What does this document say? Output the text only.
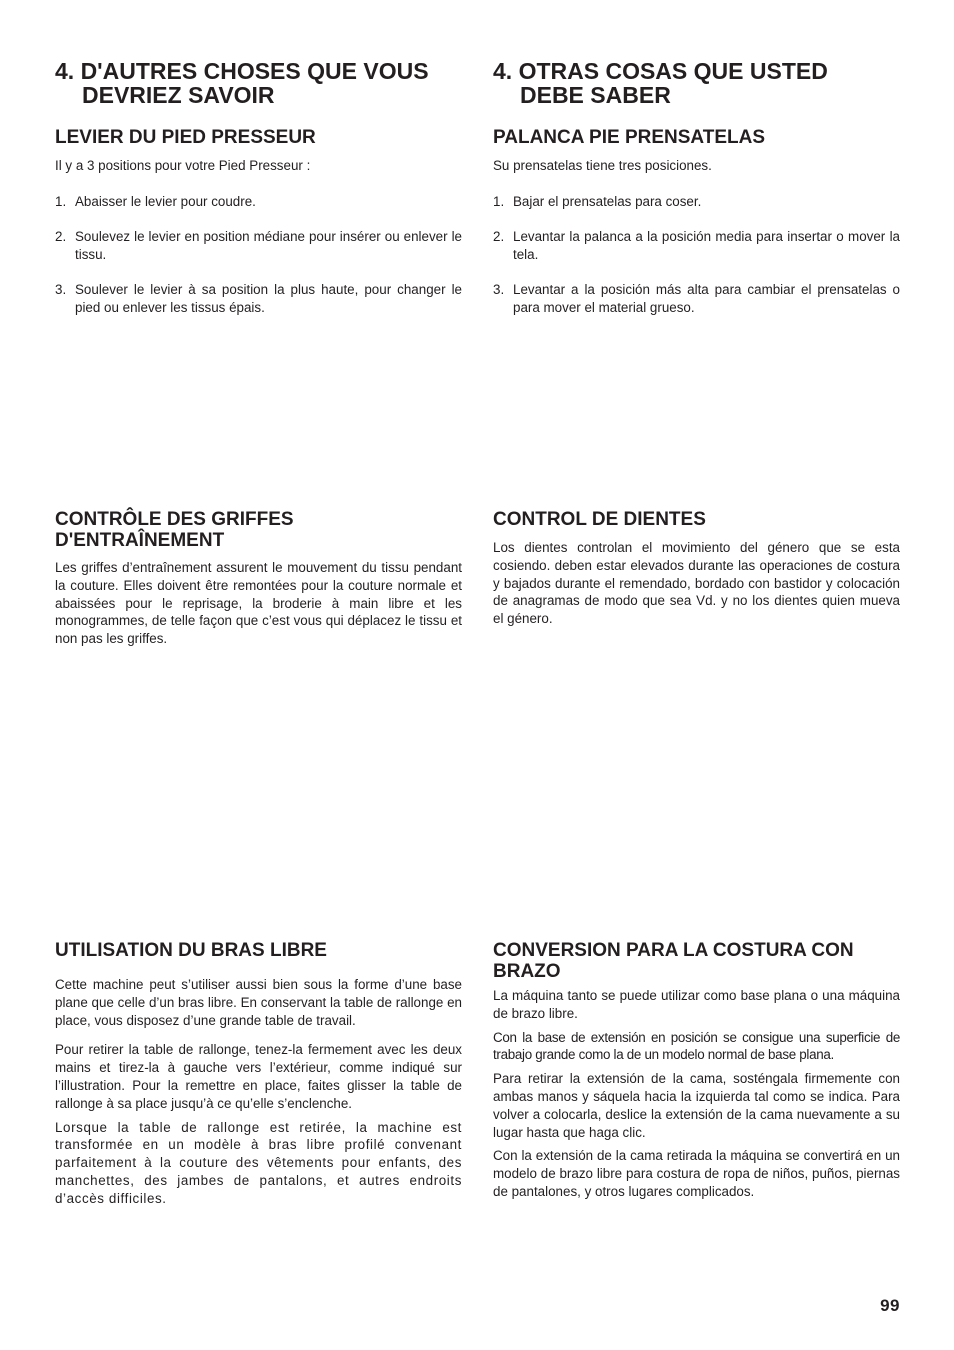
4. D'AUTRES CHOSES QUE VOUS
DEVRIEZ SAVOIR
LEVIER DU PIED PRESSEUR

Il y a 3 positions pour votre Pied Presseur :

1. Abaisser le levier pour coudre.
2. Soulevez le levier en position médiane pour insérer ou enlever le tissu.
3. Soulever le levier à sa position la plus haute, pour changer le pied ou enlever les tissus épais.
CONTRÔLE DES GRIFFES
D'ENTRAÎNEMENT

Les griffes d’entraînement assurent le mouvement du tissu pendant la couture. Elles doivent être remontées pour la couture normale et abaissées pour le reprisage, la broderie à main libre et les monogrammes, de telle façon que c’est vous qui déplacez le tissu et non pas les griffes.

UTILISATION DU BRAS LIBRE

Cette machine peut s’utiliser aussi bien sous la forme d’une base plane que celle d’un bras libre. En conservant la table de rallonge en place, vous disposez d’une grande table de travail.

Pour retirer la table de rallonge, tenez-la fermement avec les deux mains et tirez-la à gauche vers l’extérieur, comme indiqué sur l’illustration. Pour la remettre en place, faites glisser la table de rallonge à sa place jusqu’à ce qu’elle s’enclenche.

Lorsque la table de rallonge est retirée, la machine est transformée en un modèle à bras libre profilé convenant parfaitement à la couture des vêtements pour enfants, des manchettes, des jambes de pantalons, et autres endroits d’accès difficiles.

4. OTRAS COSAS QUE USTED
DEBE SABER
PALANCA PIE PRENSATELAS

Su prensatelas tiene tres posiciones.

1. Bajar el prensatelas para coser.
2. Levantar la palanca a la posición media para insertar o mover la tela.
3. Levantar a la posición más alta para cambiar el prensatelas o para mover el material grueso.
CONTROL DE DIENTES

Los dientes controlan el movimiento del género que se esta cosiendo. deben estar elevados durante las operaciones de costura y bajados durante el remendado, bordado con bastidor y colocación de anagramas de modo que sea Vd. y no los dientes quien mueva el género.

CONVERSION PARA LA COSTURA CON
BRAZO

La máquina tanto se puede utilizar como base plana o una máquina de brazo libre.

Con la base de extensión en posición se consigue una superficie de trabajo grande como la de un modelo normal de base plana.

Para retirar la extensión de la cama, sosténgala firmemente con ambas manos y sáquela hacia la izquierda tal como se indica. Para volver a colocarla, deslice la extensión de la cama nuevamente a su lugar hasta que haga clic.

Con la extensión de la cama retirada la máquina se convertirá en un modelo de brazo libre para costura de ropa de niños, puños, piernas de pantalones, y otros lugares complicados.

99
